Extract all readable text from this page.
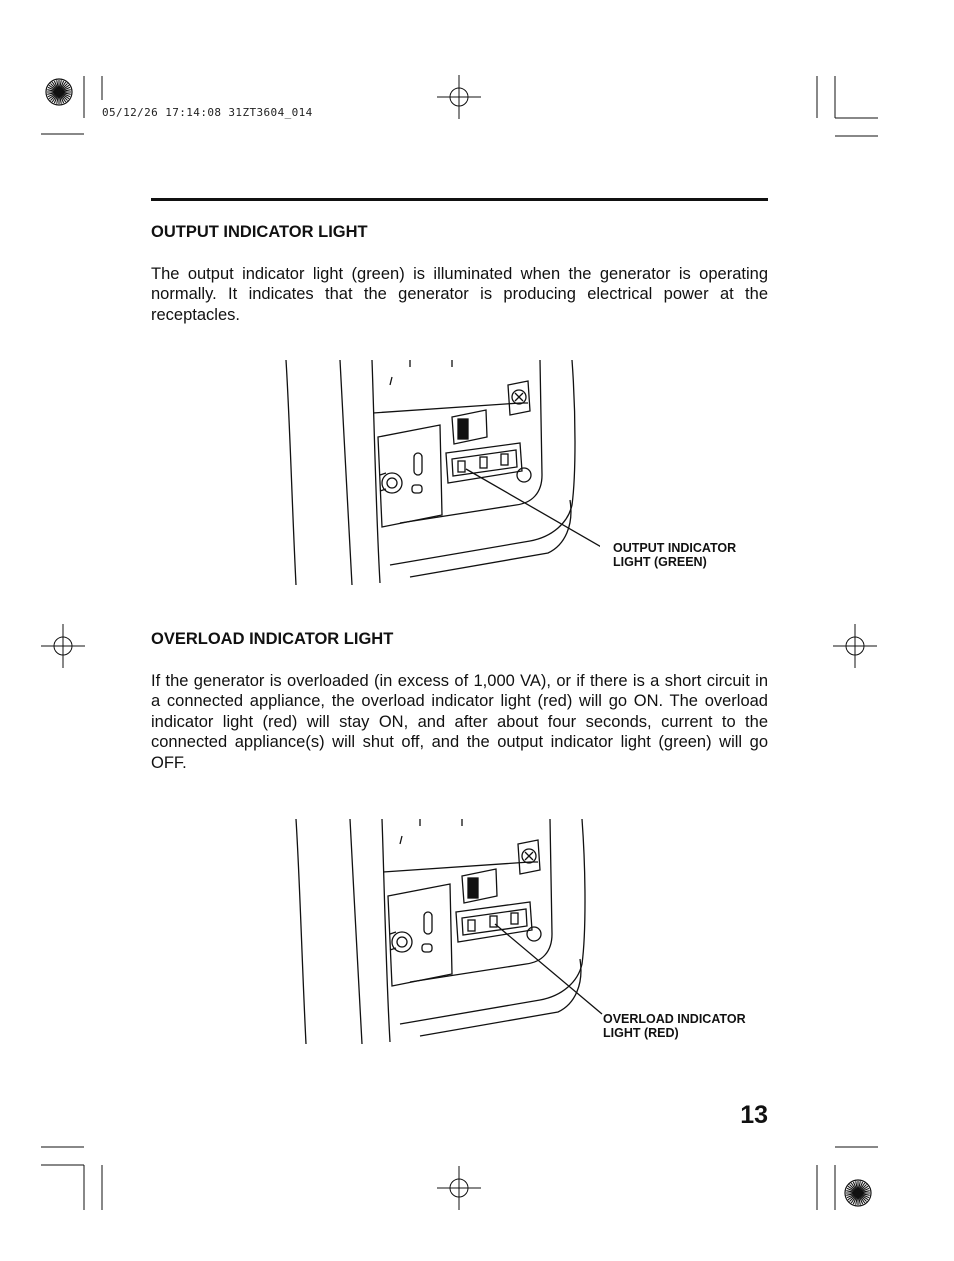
05/12/26 17:14:08 31ZT3604_014
OUTPUT INDICATOR LIGHT
The output indicator light (green) is illuminated when the generator is operating normally. It indicates that the generator is producing electrical power at the receptacles.
OUTPUT INDICATOR
LIGHT (GREEN)
OVERLOAD INDICATOR LIGHT
If the generator is overloaded (in excess of 1,000 VA), or if there is a short circuit in a connected appliance, the overload indicator light (red) will go ON. The overload indicator light (red) will stay ON, and after about four seconds, current to the connected appliance(s) will shut off, and the output indicator light (green) will go OFF.
OVERLOAD INDICATOR
LIGHT (RED)
13
